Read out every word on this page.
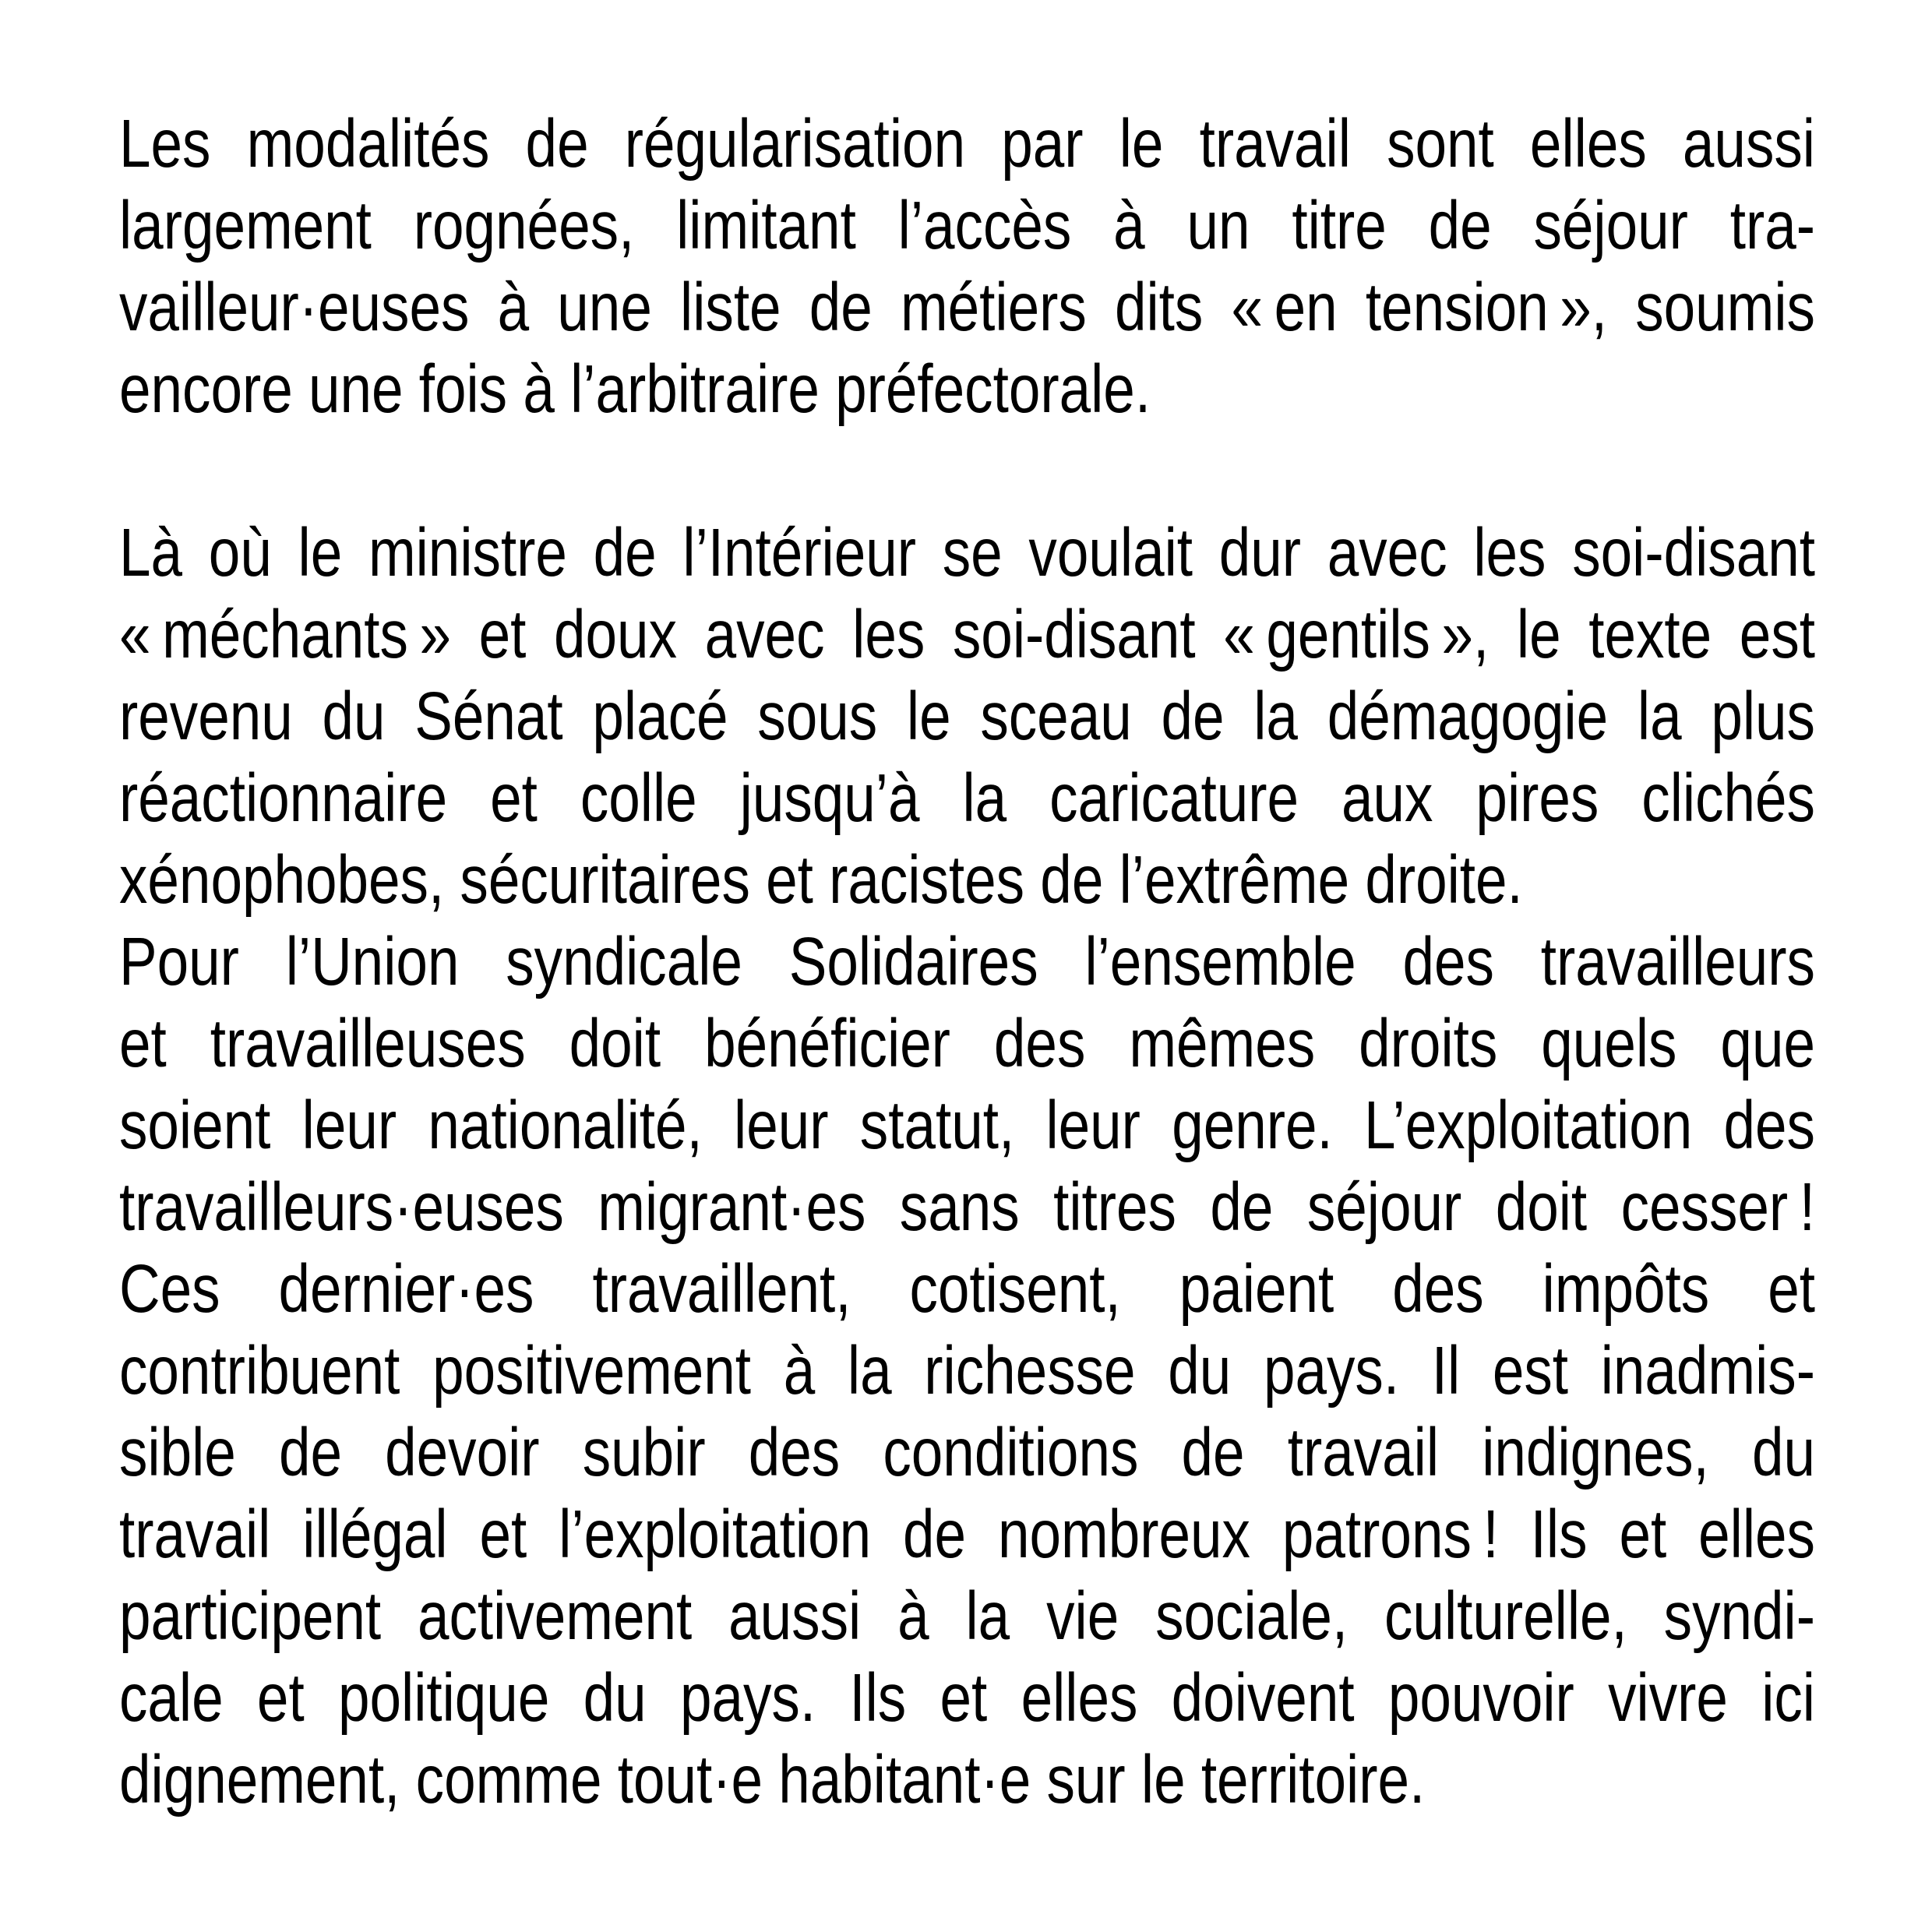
Les modalités de régularisation par le travail sont elles aussi
largement rognées, limitant l’accès à un titre de séjour tra-
vailleur·euses à une liste de métiers dits « en tension », soumis
encore une fois à l’arbitraire préfectorale.
Là où le ministre de l’Intérieur se voulait dur avec les soi-disant
« méchants » et doux avec les soi-disant « gentils », le texte est
revenu du Sénat placé sous le sceau de la démagogie la plus
réactionnaire et colle jusqu’à la caricature aux pires clichés
xénophobes, sécuritaires et racistes de l’extrême droite.
Pour l’Union syndicale Solidaires l’ensemble des travailleurs
et travailleuses doit bénéficier des mêmes droits quels que
soient leur nationalité, leur statut, leur genre. L’exploitation des
travailleurs·euses migrant·es sans titres de séjour doit cesser !
Ces dernier·es travaillent, cotisent, paient des impôts et
contribuent positivement à la richesse du pays. Il est inadmis-
sible de devoir subir des conditions de travail indignes, du
travail illégal et l’exploitation de nombreux patrons ! Ils et elles
participent activement aussi à la vie sociale, culturelle, syndi-
cale et politique du pays. Ils et elles doivent pouvoir vivre ici
dignement, comme tout·e habitant·e sur le territoire.
